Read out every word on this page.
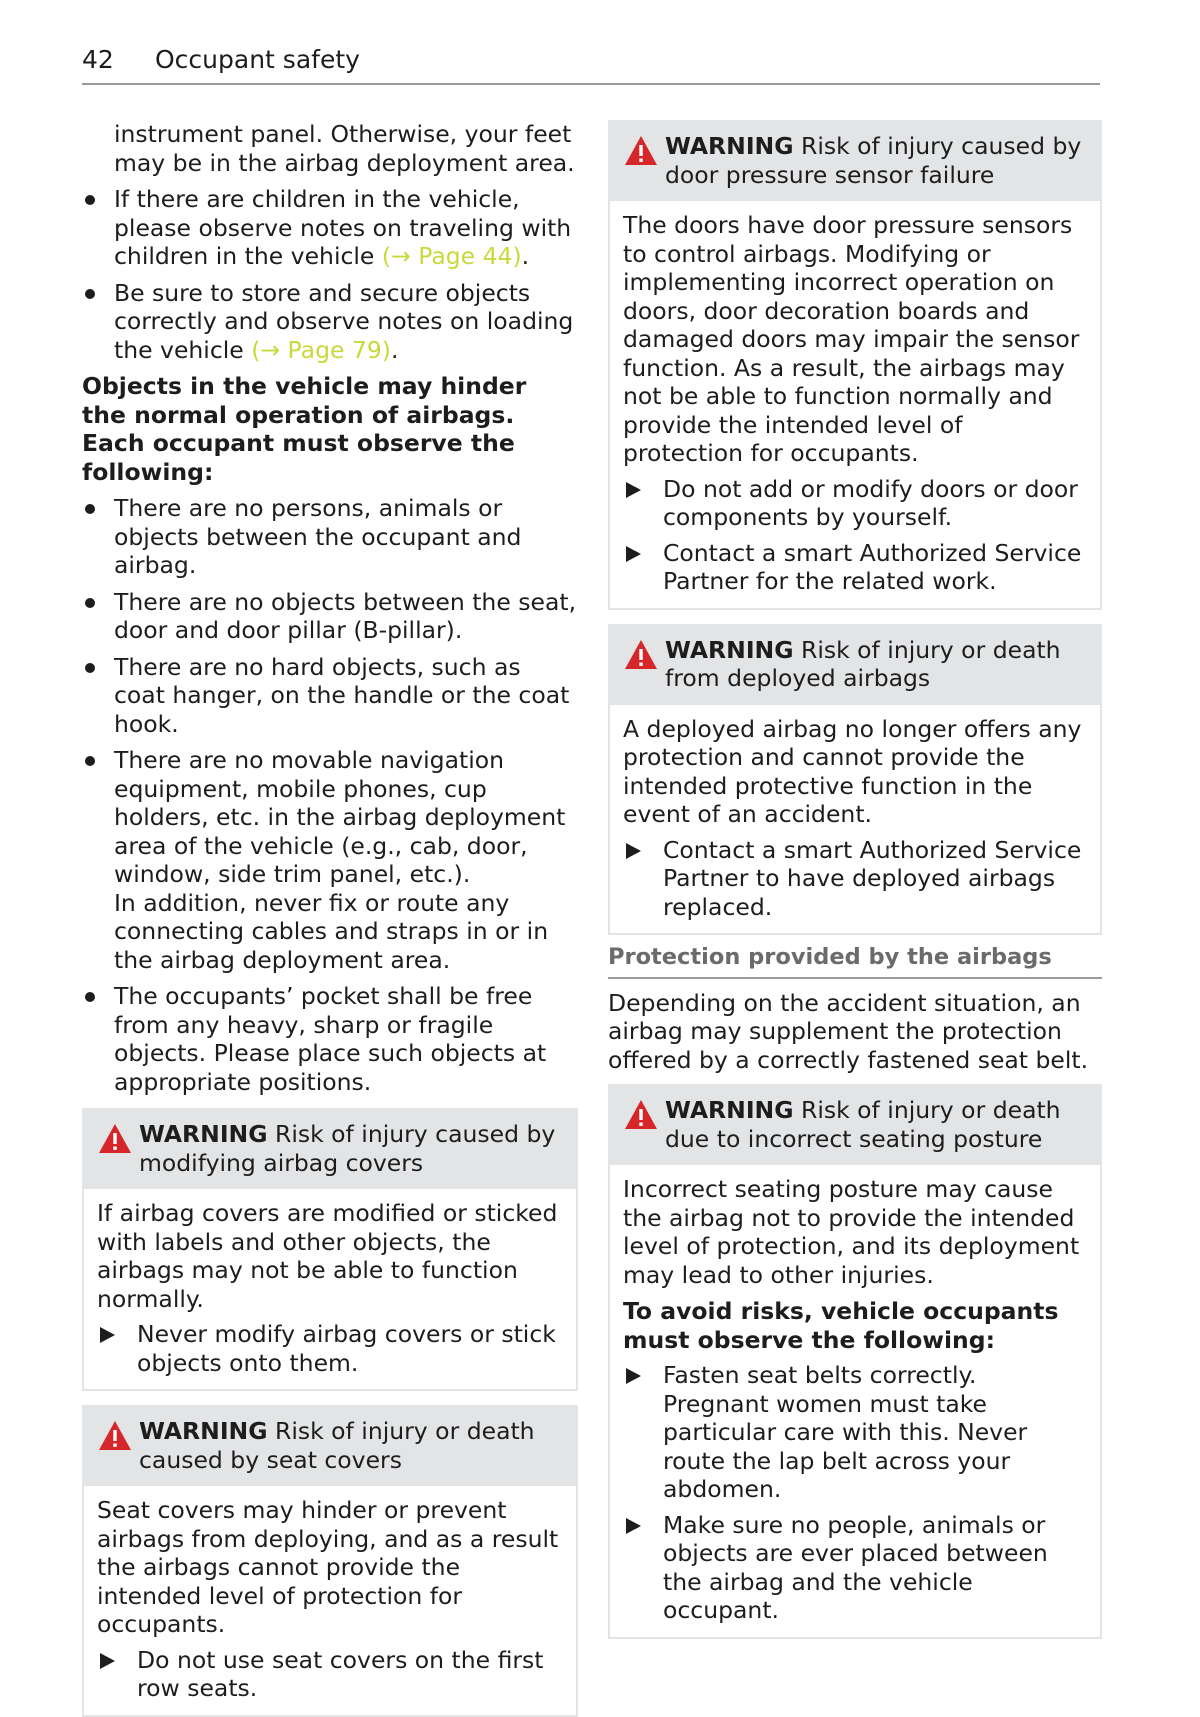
42 Occupant safety

instrument panel. Otherwise, your feet may be in the airbag deployment area.

If there are children in the vehicle, please observe notes on traveling with children in the vehicle (→ Page 44).
Be sure to store and secure objects correctly and observe notes on loading the vehicle (→ Page 79).

Objects in the vehicle may hinder the normal operation of airbags. Each occupant must observe the following:

There are no persons, animals or objects between the occupant and airbag.
There are no objects between the seat, door and door pillar (B-pillar).
There are no hard objects, such as coat hanger, on the handle or the coat hook.
There are no movable navigation equipment, mobile phones, cup holders, etc. in the airbag deployment area of the vehicle (e.g., cab, door, window, side trim panel, etc.).
In addition, never fix or route any connecting cables and straps in or in the airbag deployment area.
The occupants’ pocket shall be free from any heavy, sharp or fragile objects. Please place such objects at appropriate positions.
WARNING Risk of injury caused by modifying airbag covers

If airbag covers are modified or sticked with labels and other objects, the airbags may not be able to function normally.

Never modify airbag covers or stick objects onto them.
WARNING Risk of injury or death caused by seat covers

Seat covers may hinder or prevent airbags from deploying, and as a result the airbags cannot provide the intended level of protection for occupants.

Do not use seat covers on the first row seats.
WARNING Risk of injury caused by door pressure sensor failure

The doors have door pressure sensors to control airbags. Modifying or implementing incorrect operation on doors, door decoration boards and damaged doors may impair the sensor function. As a result, the airbags may not be able to function normally and provide the intended level of protection for occupants.

Do not add or modify doors or door components by yourself.
Contact a smart Authorized Service Partner for the related work.
WARNING Risk of injury or death from deployed airbags

A deployed airbag no longer offers any protection and cannot provide the intended protective function in the event of an accident.

Contact a smart Authorized Service Partner to have deployed airbags replaced.
Protection provided by the airbags

Depending on the accident situation, an airbag may supplement the protection offered by a correctly fastened seat belt.

WARNING Risk of injury or death due to incorrect seating posture

Incorrect seating posture may cause the airbag not to provide the intended level of protection, and its deployment may lead to other injuries.

To avoid risks, vehicle occupants must observe the following:

Fasten seat belts correctly. Pregnant women must take particular care with this. Never route the lap belt across your abdomen.
Make sure no people, animals or objects are ever placed between the airbag and the vehicle occupant.
